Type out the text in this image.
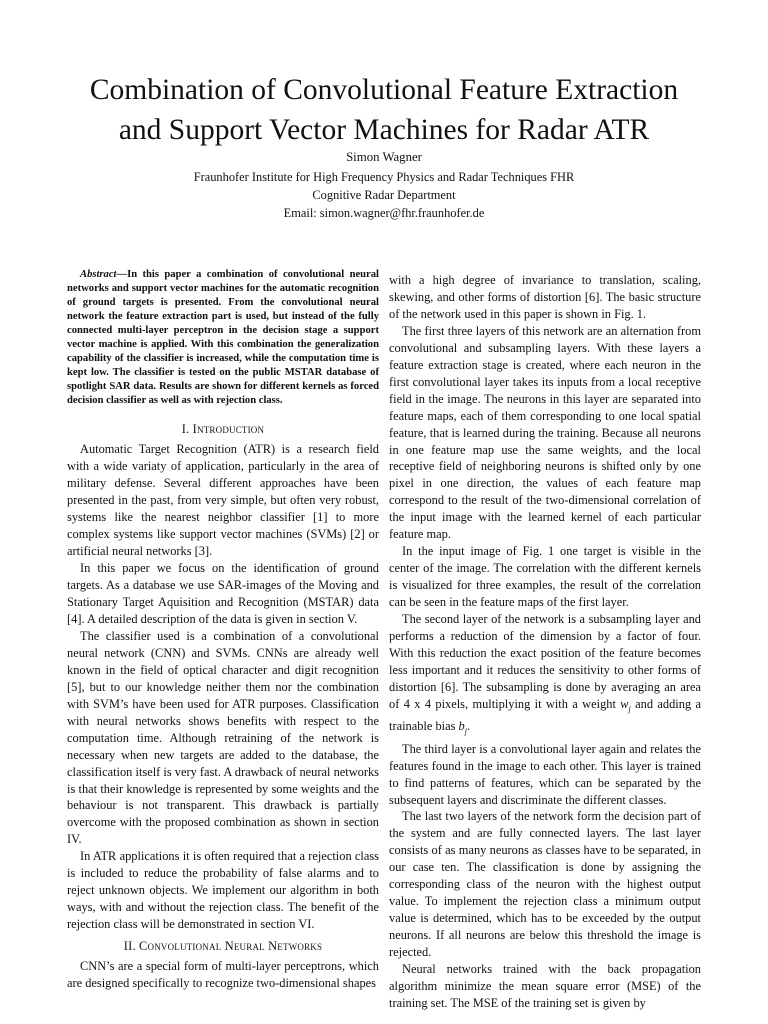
Combination of Convolutional Feature Extraction
and Support Vector Machines for Radar ATR
Simon Wagner
Fraunhofer Institute for High Frequency Physics and Radar Techniques FHR
Cognitive Radar Department
Email: simon.wagner@fhr.fraunhofer.de

Abstract—In this paper a combination of convolutional neural networks and support vector machines for the automatic recognition of ground targets is presented. From the convolutional neural network the feature extraction part is used, but instead of the fully connected multi-layer perceptron in the decision stage a support vector machine is applied. With this combination the generalization capability of the classifier is increased, while the computation time is kept low. The classifier is tested on the public MSTAR database of spotlight SAR data. Results are shown for different kernels as forced decision classifier as well as with rejection class.

I. Introduction

Automatic Target Recognition (ATR) is a research field with a wide variaty of application, particularly in the area of military defense. Several different approaches have been presented in the past, from very simple, but often very robust, systems like the nearest neighbor classifier [1] to more complex systems like support vector machines (SVMs) [2] or artificial neural networks [3].

In this paper we focus on the identification of ground targets. As a database we use SAR-images of the Moving and Stationary Target Aquisition and Recognition (MSTAR) data [4]. A detailed description of the data is given in section V.

The classifier used is a combination of a convolutional neural network (CNN) and SVMs. CNNs are already well known in the field of optical character and digit recognition [5], but to our knowledge neither them nor the combination with SVM’s have been used for ATR purposes. Classification with neural networks shows benefits with respect to the computation time. Although retraining of the network is necessary when new targets are added to the database, the classification itself is very fast. A drawback of neural networks is that their knowledge is represented by some weights and the behaviour is not transparent. This drawback is partially overcome with the proposed combination as shown in section IV.

In ATR applications it is often required that a rejection class is included to reduce the probability of false alarms and to reject unknown objects. We implement our algorithm in both ways, with and without the rejection class. The benefit of the rejection class will be demonstrated in section VI.

II. Convolutional Neural Networks

CNN’s are a special form of multi-layer perceptrons, which are designed specifically to recognize two-dimensional shapes

with a high degree of invariance to translation, scaling, skewing, and other forms of distortion [6]. The basic structure of the network used in this paper is shown in Fig. 1.

The first three layers of this network are an alternation from convolutional and subsampling layers. With these layers a feature extraction stage is created, where each neuron in the first convolutional layer takes its inputs from a local receptive field in the image. The neurons in this layer are separated into feature maps, each of them corresponding to one local spatial feature, that is learned during the training. Because all neurons in one feature map use the same weights, and the local receptive field of neighboring neurons is shifted only by one pixel in one direction, the values of each feature map correspond to the result of the two-dimensional correlation of the input image with the learned kernel of each particular feature map.

In the input image of Fig. 1 one target is visible in the center of the image. The correlation with the different kernels is visualized for three examples, the result of the correlation can be seen in the feature maps of the first layer.

The second layer of the network is a subsampling layer and performs a reduction of the dimension by a factor of four. With this reduction the exact position of the feature becomes less important and it reduces the sensitivity to other forms of distortion [6]. The subsampling is done by averaging an area of 4 x 4 pixels, multiplying it with a weight $w_j$ and adding a trainable bias $b_j$.

The third layer is a convolutional layer again and relates the features found in the image to each other. This layer is trained to find patterns of features, which can be separated by the subsequent layers and discriminate the different classes.

The last two layers of the network form the decision part of the system and are fully connected layers. The last layer consists of as many neurons as classes have to be separated, in our case ten. The classification is done by assigning the corresponding class of the neuron with the highest output value. To implement the rejection class a minimum output value is determined, which has to be exceeded by the output neurons. If all neurons are below this threshold the image is rejected.

Neural networks trained with the back propagation algorithm minimize the mean square error (MSE) of the training set. The MSE of the training set is given by
